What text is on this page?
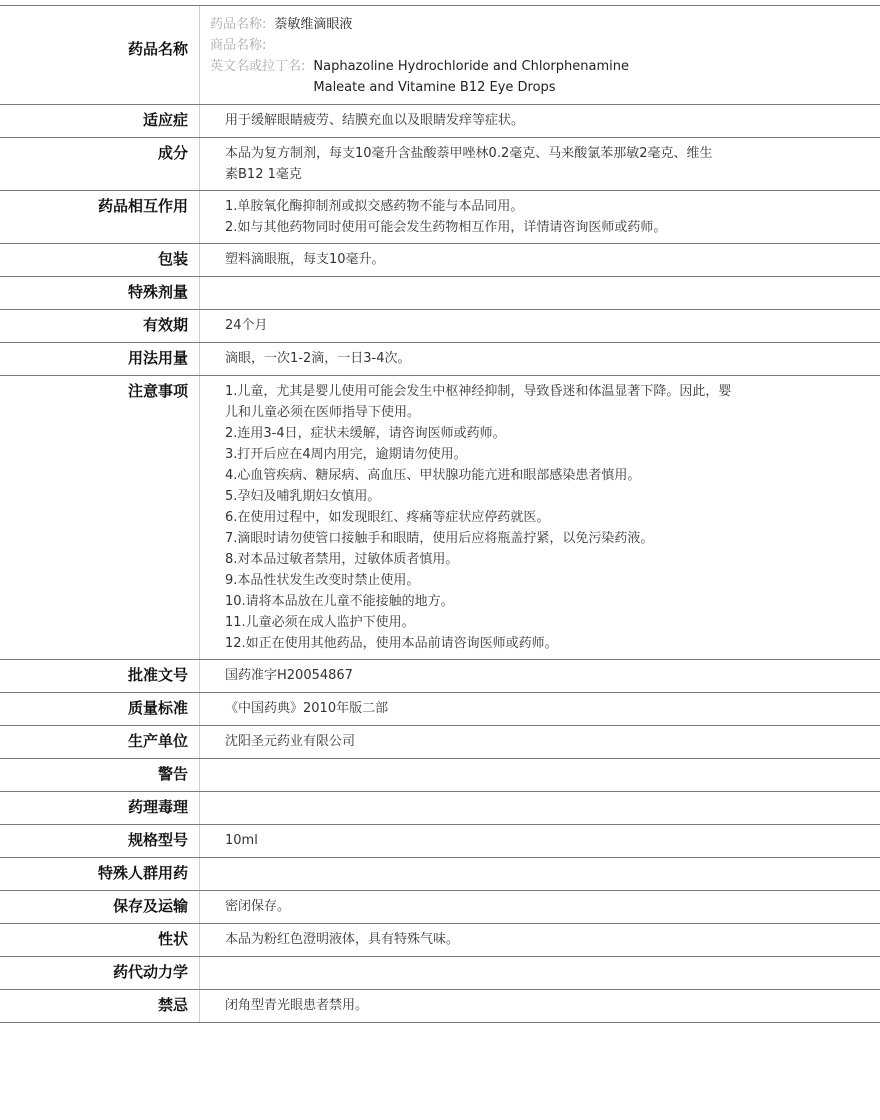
药品名称
药品名称: 萘敏维滴眼液
商品名称:
英文名或拉丁名: Naphazoline Hydrochloride and Chlorphenamine
Maleate and Vitamine B12 Eye Drops
适应症	用于缓解眼睛疲劳、结膜充血以及眼睛发痒等症状。
成分	本品为复方制剂，每支10毫升含盐酸萘甲唑林0.2毫克、马来酸氯苯那敏2毫克、维生
素B12 1毫克
药品相互作用	1.单胺氧化酶抑制剂或拟交感药物不能与本品同用。
2.如与其他药物同时使用可能会发生药物相互作用，详情请咨询医师或药师。
包装	塑料滴眼瓶，每支10毫升。
特殊剂量
有效期	24个月
用法用量	滴眼，一次1-2滴，一日3-4次。
注意事项	1.儿童，尤其是婴儿使用可能会发生中枢神经抑制，导致昏迷和体温显著下降。因此，婴
儿和儿童必须在医师指导下使用。
2.连用3-4日，症状未缓解，请咨询医师或药师。
3.打开后应在4周内用完，逾期请勿使用。
4.心血管疾病、糖尿病、高血压、甲状腺功能亢进和眼部感染患者慎用。
5.孕妇及哺乳期妇女慎用。
6.在使用过程中，如发现眼红、疼痛等症状应停药就医。
7.滴眼时请勿使管口接触手和眼睛，使用后应将瓶盖拧紧，以免污染药液。
8.对本品过敏者禁用，过敏体质者慎用。
9.本品性状发生改变时禁止使用。
10.请将本品放在儿童不能接触的地方。
11.儿童必须在成人监护下使用。
12.如正在使用其他药品，使用本品前请咨询医师或药师。
批准文号	国药准字H20054867
质量标准	《中国药典》2010年版二部
生产单位	沈阳圣元药业有限公司
警告
药理毒理
规格型号	10ml
特殊人群用药
保存及运输	密闭保存。
性状	本品为粉红色澄明液体，具有特殊气味。
药代动力学
禁忌	闭角型青光眼患者禁用。
